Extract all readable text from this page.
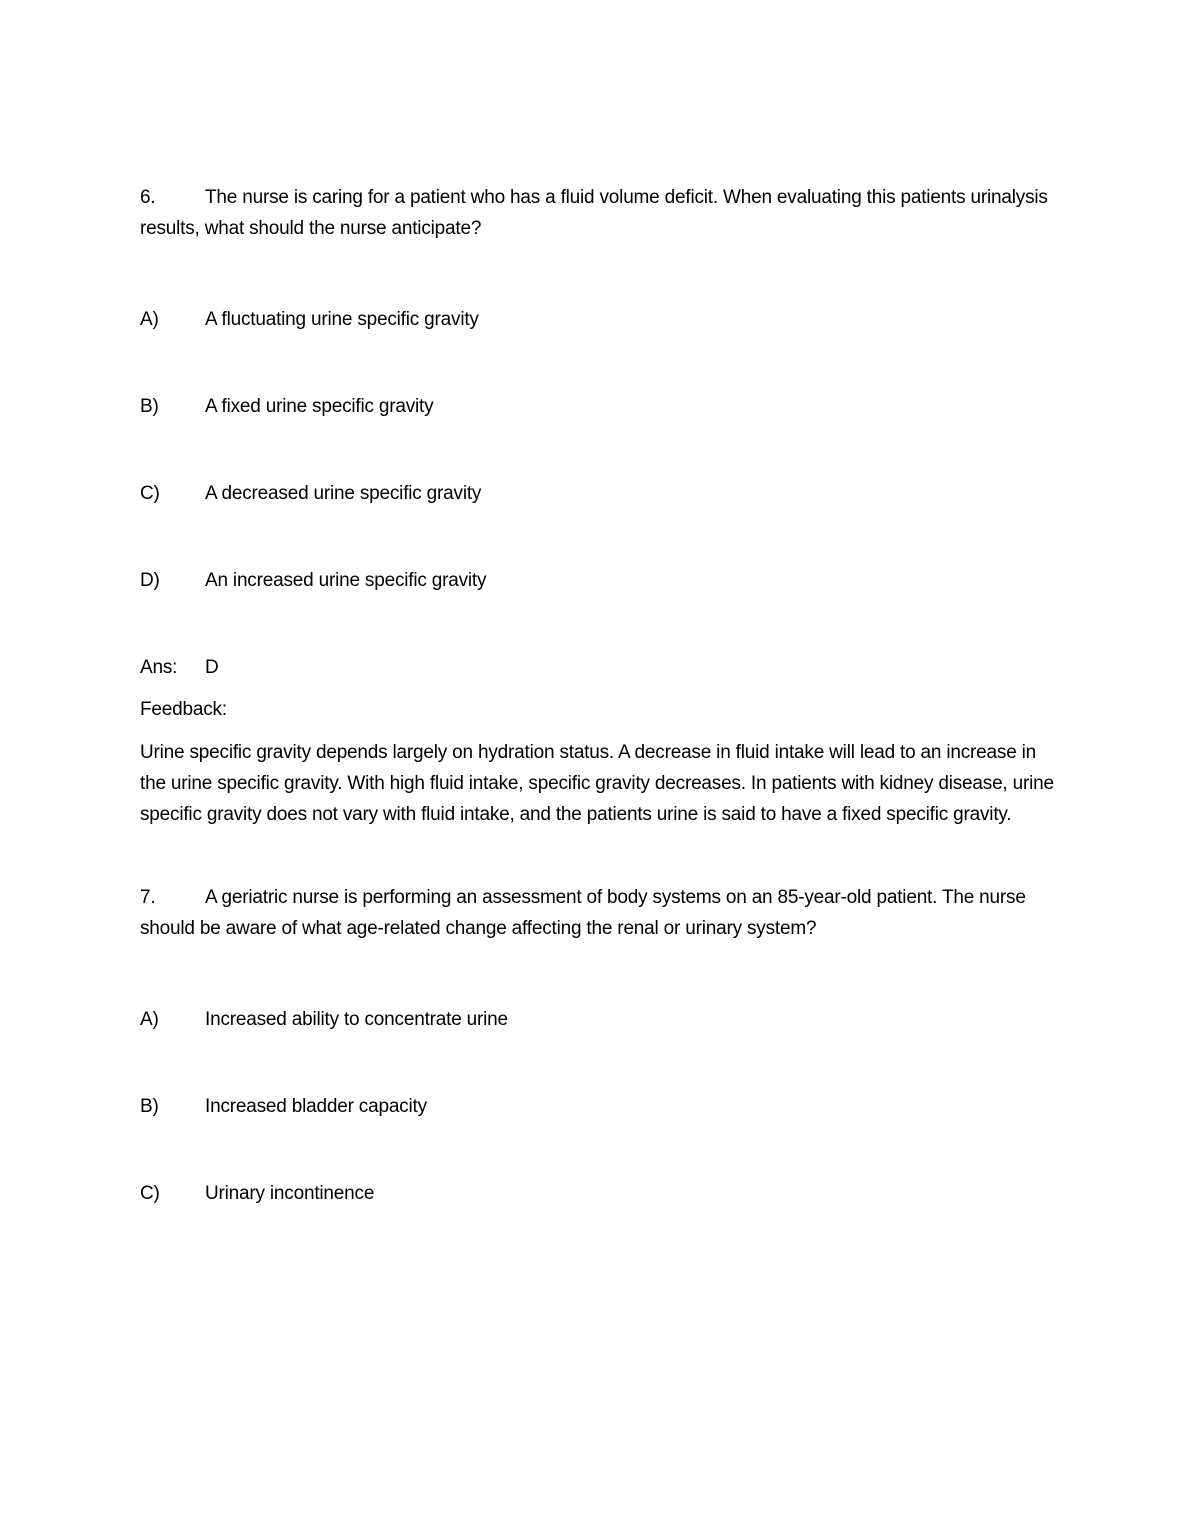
6.	The nurse is caring for a patient who has a fluid volume deficit. When evaluating this patients urinalysis results, what should the nurse anticipate?

A) A fluctuating urine specific gravity

B) A fixed urine specific gravity

C) A decreased urine specific gravity

D) An increased urine specific gravity

Ans: D

Feedback:

Urine specific gravity depends largely on hydration status. A decrease in fluid intake will lead to an increase in the urine specific gravity. With high fluid intake, specific gravity decreases. In patients with kidney disease, urine specific gravity does not vary with fluid intake, and the patients urine is said to have a fixed specific gravity.

7.	A geriatric nurse is performing an assessment of body systems on an 85-year-old patient. The nurse should be aware of what age-related change affecting the renal or urinary system?

A) Increased ability to concentrate urine

B) Increased bladder capacity

C) Urinary incontinence
